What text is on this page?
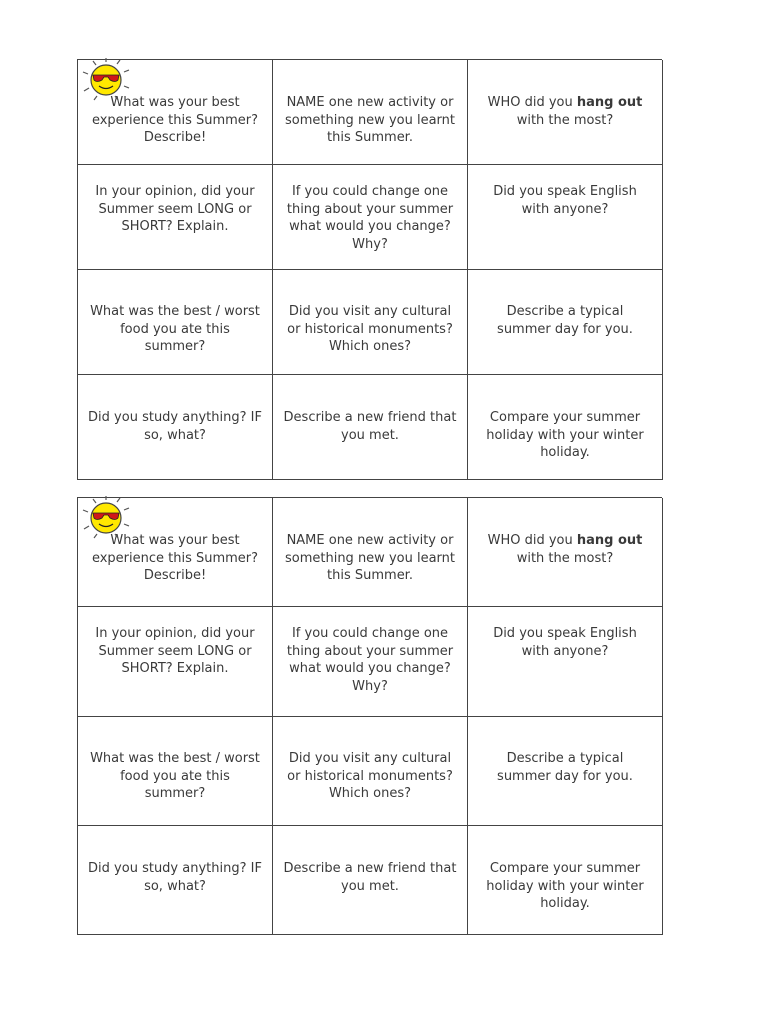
What was your best experience this Summer? Describe!
NAME one new activity or something new you learnt this Summer.
WHO did you hang out with the most?
In your opinion, did your Summer seem LONG or SHORT? Explain.
If you could change one thing about your summer what would you change? Why?
Did you speak English with anyone?
What was the best / worst food you ate this summer?
Did you visit any cultural or historical monuments? Which ones?
Describe a typical summer day for you.
Did you study anything? IF so, what?
Describe a new friend that you met.
Compare your summer holiday with your winter holiday.
What was your best experience this Summer? Describe!
NAME one new activity or something new you learnt this Summer.
WHO did you hang out with the most?
In your opinion, did your Summer seem LONG or SHORT? Explain.
If you could change one thing about your summer what would you change? Why?
Did you speak English with anyone?
What was the best / worst food you ate this summer?
Did you visit any cultural or historical monuments? Which ones?
Describe a typical summer day for you.
Did you study anything? IF so, what?
Describe a new friend that you met.
Compare your summer holiday with your winter holiday.
